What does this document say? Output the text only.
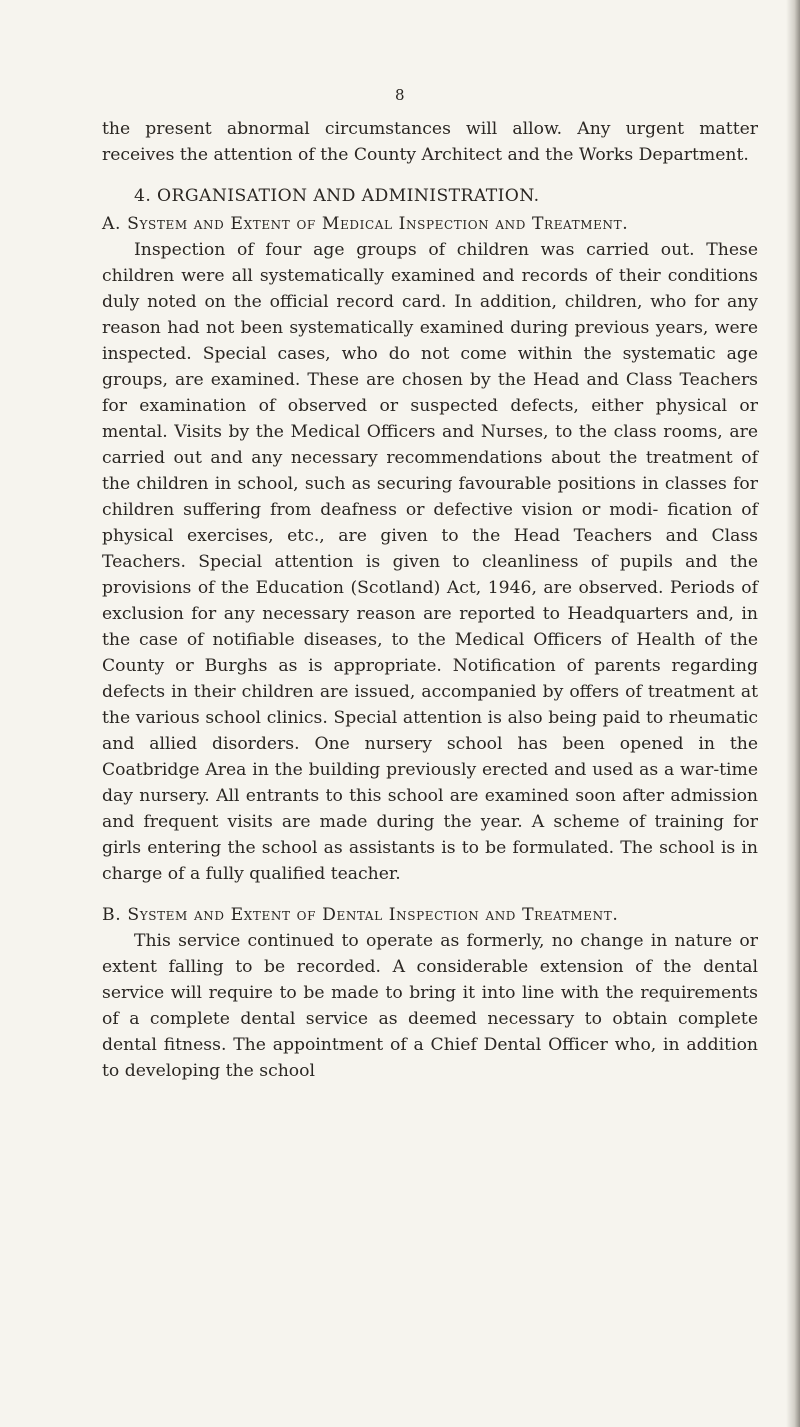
8

the present abnormal circumstances will allow. Any urgent matter receives the attention of the County Architect and the Works Department.

4. ORGANISATION AND ADMINISTRATION.

A. System and Extent of Medical Inspection and Treatment.

Inspection of four age groups of children was carried out. These children were all systematically examined and records of their conditions duly noted on the official record card. In addition, children, who for any reason had not been systematically examined during previous years, were inspected. Special cases, who do not come within the systematic age groups, are examined. These are chosen by the Head and Class Teachers for examination of observed or suspected defects, either physical or mental. Visits by the Medical Officers and Nurses, to the class rooms, are carried out and any necessary recommendations about the treatment of the children in school, such as securing favourable positions in classes for children suffering from deafness or defective vision or modi- fication of physical exercises, etc., are given to the Head Teachers and Class Teachers. Special attention is given to cleanliness of pupils and the provisions of the Education (Scotland) Act, 1946, are observed. Periods of exclusion for any necessary reason are reported to Headquarters and, in the case of notifiable diseases, to the Medical Officers of Health of the County or Burghs as is appropriate. Notification of parents regarding defects in their children are issued, accompanied by offers of treatment at the various school clinics. Special attention is also being paid to rheumatic and allied disorders. One nursery school has been opened in the Coatbridge Area in the building previously erected and used as a war-time day nursery. All entrants to this school are examined soon after admission and frequent visits are made during the year. A scheme of training for girls entering the school as assistants is to be formulated. The school is in charge of a fully qualified teacher.

B. System and Extent of Dental Inspection and Treatment.

This service continued to operate as formerly, no change in nature or extent falling to be recorded. A considerable extension of the dental service will require to be made to bring it into line with the requirements of a complete dental service as deemed necessary to obtain complete dental fitness. The appointment of a Chief Dental Officer who, in addition to developing the school
